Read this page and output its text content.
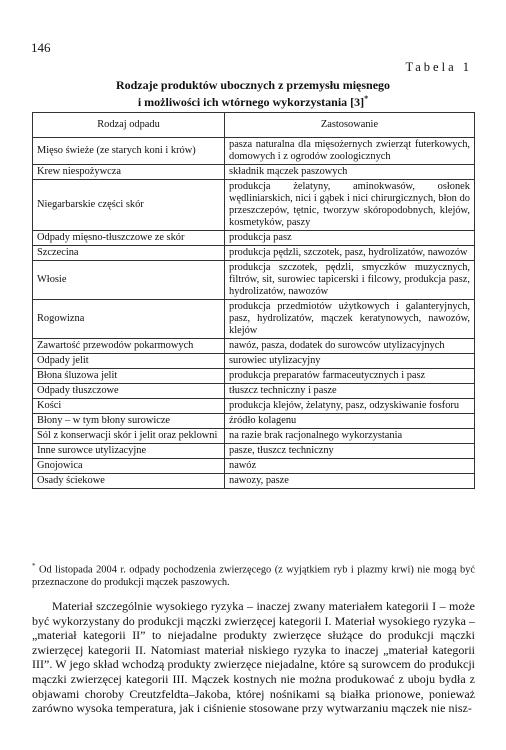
146
Tabela 1
Rodzaje produktów ubocznych z przemysłu mięsnego
i możliwości ich wtórnego wykorzystania [3]*
Rodzaj odpadu	Zastosowanie
Mięso świeże (ze starych koni i krów)	pasza naturalna dla mięsożernych zwierząt futerkowych, domowych i z ogrodów zoologicznych
Krew niespożywcza	składnik mączek paszowych
Niegarbarskie części skór	produkcja żelatyny, aminokwasów, osłonek wędliniarskich, nici i gąbek i nici chirurgicznych, błon do przeszczepów, tętnic, tworzyw skóropodobnych, klejów, kosmetyków, paszy
Odpady mięsno-tłuszczowe ze skór	produkcja pasz
Szczecina	produkcja pędzli, szczotek, pasz, hydrolizatów, nawozów
Włosie	produkcja szczotek, pędzli, smyczków muzycznych, filtrów, sit, surowiec tapicerski i filcowy, produkcja pasz, hydrolizatów, nawozów
Rogowizna	produkcja przedmiotów użytkowych i galanteryjnych, pasz, hydrolizatów, mączek keratynowych, nawozów, klejów
Zawartość przewodów pokarmowych	nawóz, pasza, dodatek do surowców utylizacyjnych
Odpady jelit	surowiec utylizacyjny
Błona śluzowa jelit	produkcja preparatów farmaceutycznych i pasz
Odpady tłuszczowe	tłuszcz techniczny i pasze
Kości	produkcja klejów, żelatyny, pasz, odzyskiwanie fosforu
Błony – w tym błony surowicze	źródło kolagenu
Sól z konserwacji skór i jelit oraz peklowni	na razie brak racjonalnego wykorzystania
Inne surowce utylizacyjne	pasze, tłuszcz techniczny
Gnojowica	nawóz
Osady ściekowe	nawozy, pasze
* Od listopada 2004 r. odpady pochodzenia zwierzęcego (z wyjątkiem ryb i plazmy krwi) nie mogą być przeznaczone do produkcji mączek paszowych.

Materiał szczególnie wysokiego ryzyka – inaczej zwany materiałem kategorii I – może być wykorzystany do produkcji mączki zwierzęcej kategorii I. Materiał wysokiego ryzyka – „materiał kategorii II” to niejadalne produkty zwierzęce służące do produkcji mączki zwierzęcej kategorii II. Natomiast materiał niskiego ryzyka to inaczej „materiał kategorii III”. W jego skład wchodzą produkty zwierzęce niejadalne, które są surowcem do produkcji mączki zwierzęcej kategorii III. Mączek kostnych nie można produkować z uboju bydła z objawami choroby Creutzfeldta–Jakoba, której nośnikami są białka prionowe, ponieważ zarówno wysoka temperatura, jak i ciśnienie stosowane przy wytwarzaniu mączek nie nisz-
